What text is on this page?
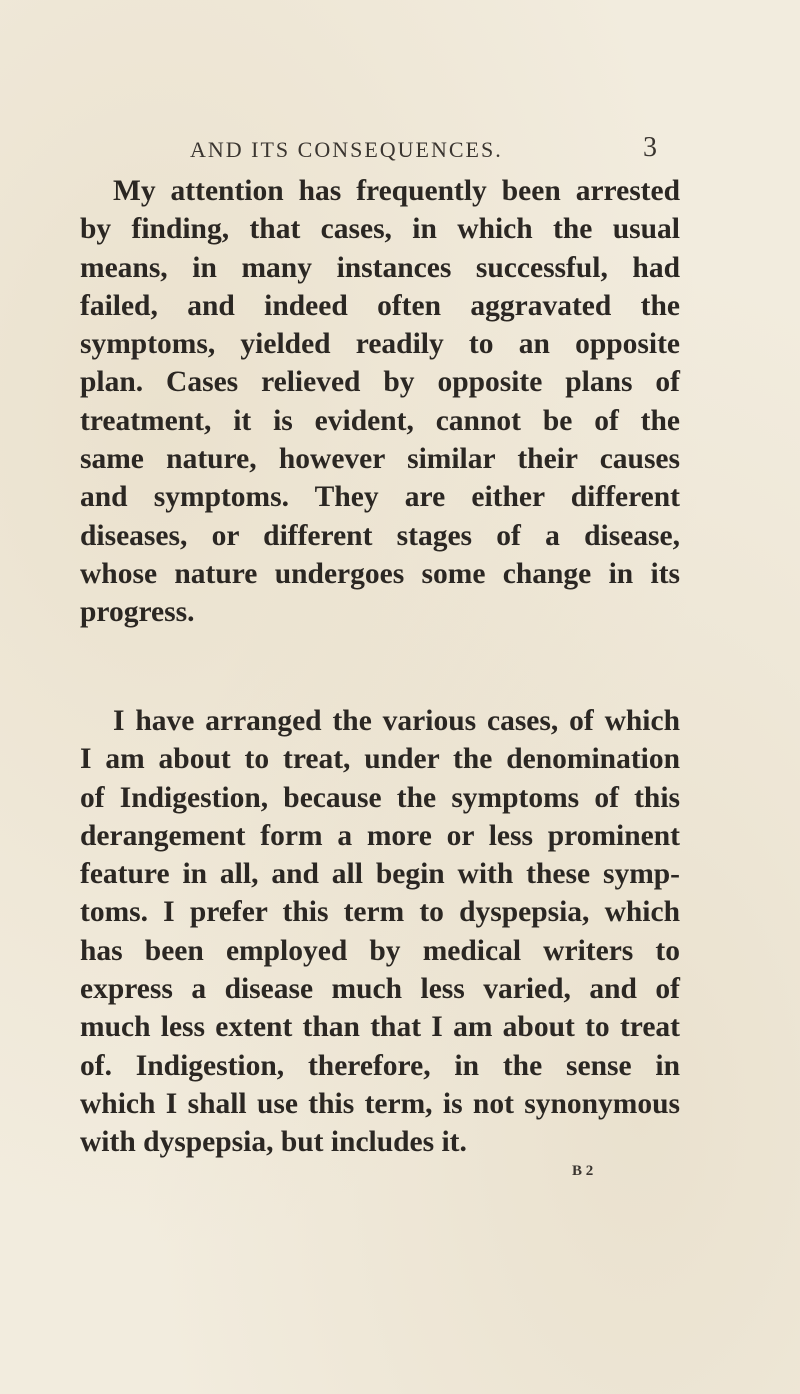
AND ITS CONSEQUENCES.	3
My attention has frequently been arrested
by finding, that cases, in which the usual
means, in many instances successful, had
failed, and indeed often aggravated the
symptoms, yielded readily to an opposite
plan. Cases relieved by opposite plans of
treatment, it is evident, cannot be of the
same nature, however similar their causes
and symptoms. They are either different
diseases, or different stages of a disease,
whose nature undergoes some change in its
progress.
I have arranged the various cases, of which
I am about to treat, under the denomination
of Indigestion, because the symptoms of this
derangement form a more or less prominent
feature in all, and all begin with these symp-
toms. I prefer this term to dyspepsia, which
has been employed by medical writers to
express a disease much less varied, and of
much less extent than that I am about to treat
of. Indigestion, therefore, in the sense in
which I shall use this term, is not synonymous
with dyspepsia, but includes it.
B 2
